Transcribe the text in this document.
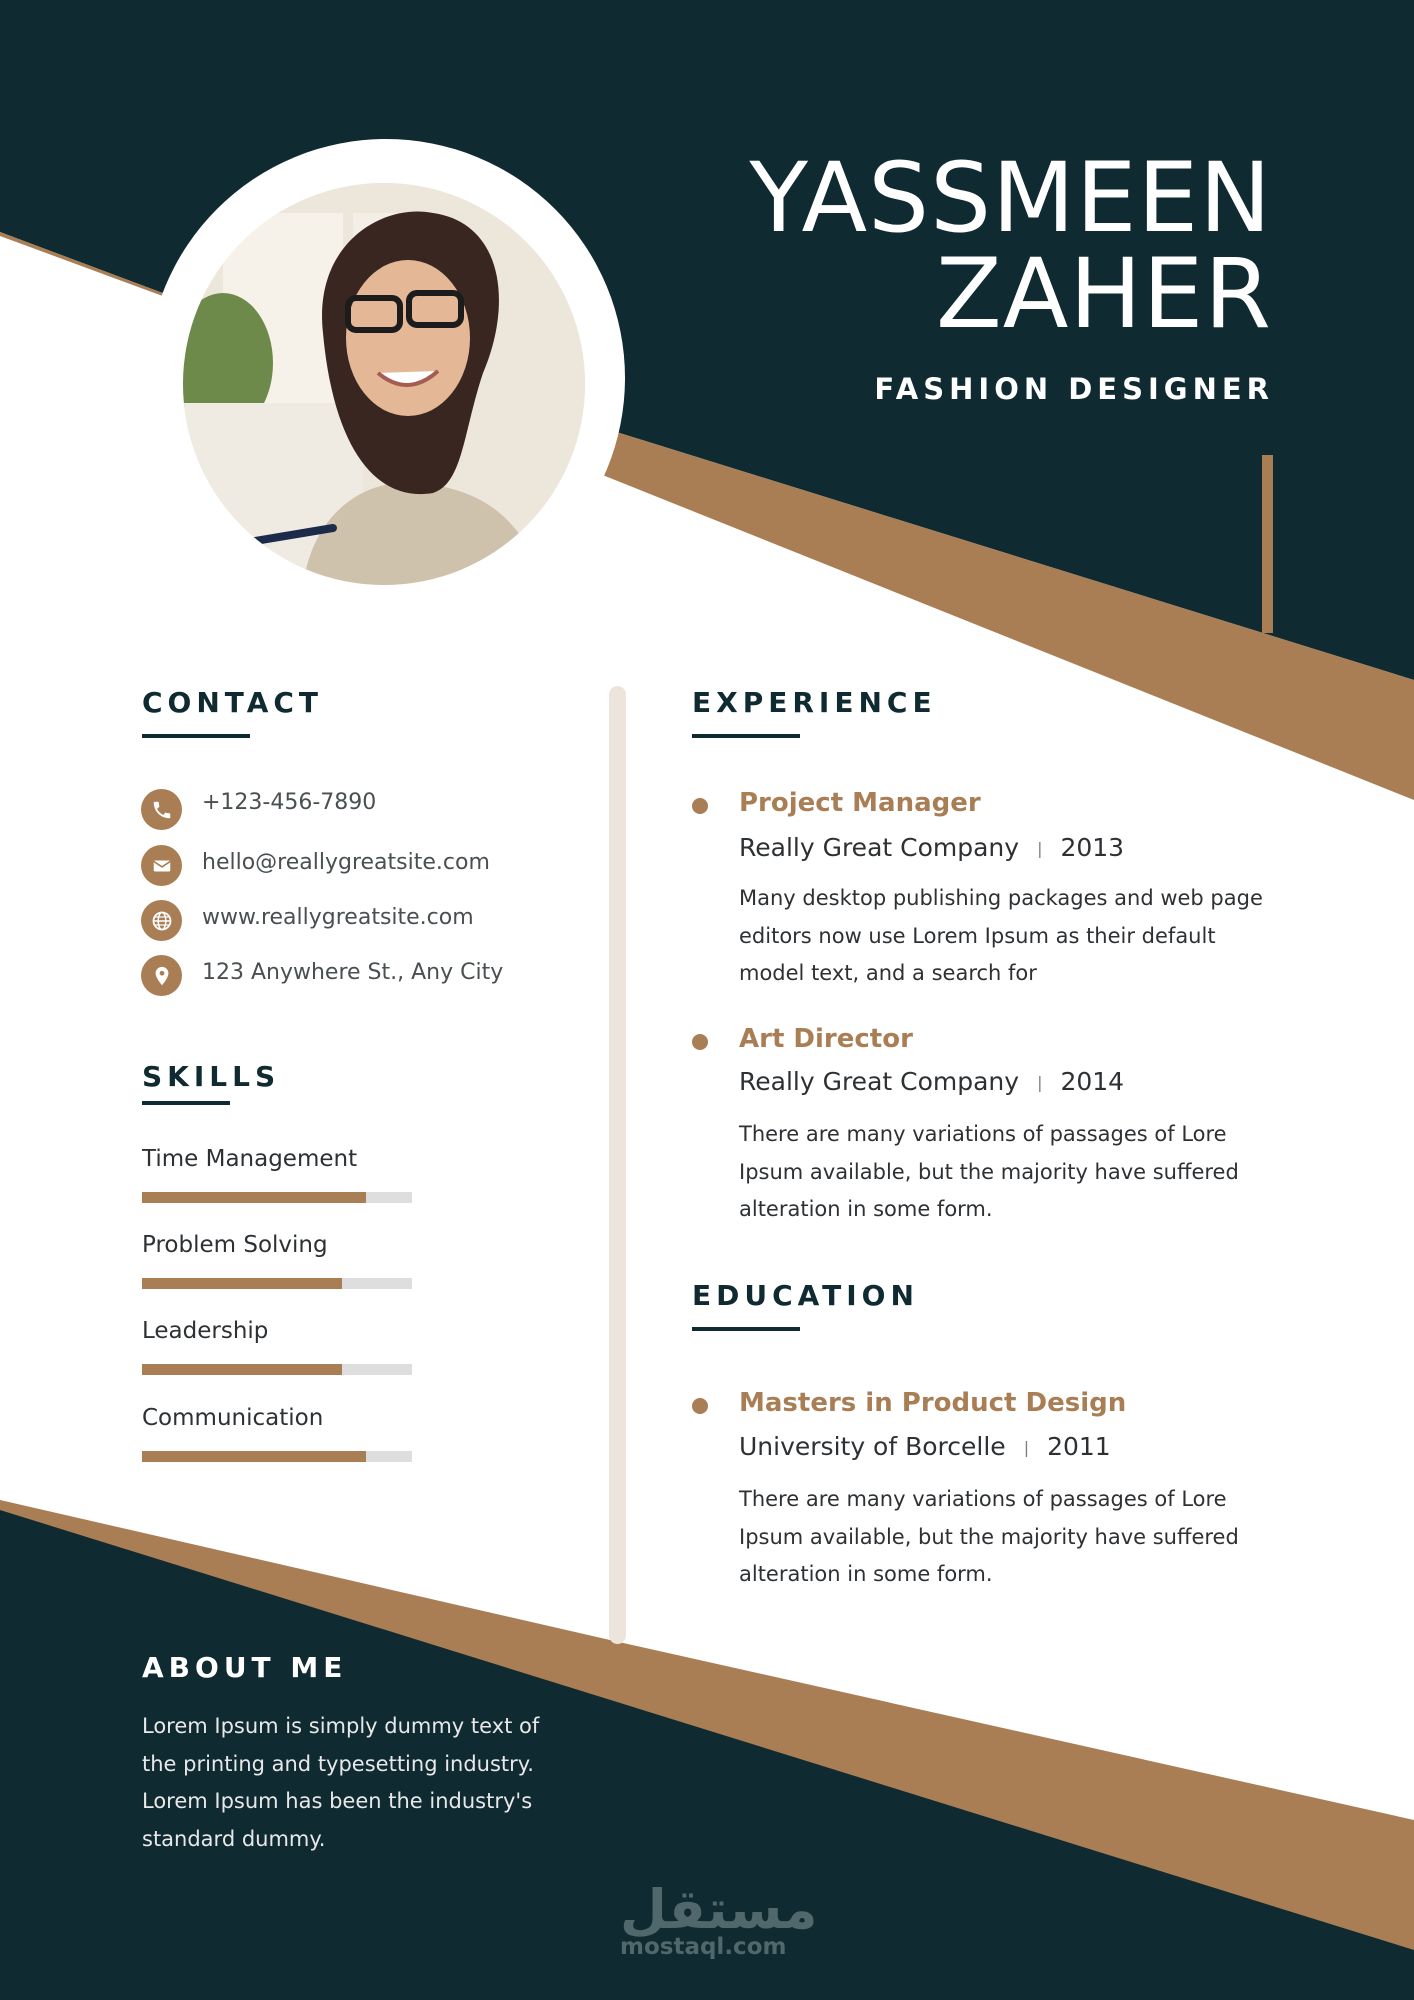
YASSMEEN
ZAHER
FASHION DESIGNER
CONTACT
+123-456-7890
hello@reallygreatsite.com
www.reallygreatsite.com
123 Anywhere St., Any City
SKILLS
Time Management
Problem Solving
Leadership
Communication
EXPERIENCE
Project Manager
Really Great Company | 2013
Many desktop publishing packages and web page editors now use Lorem Ipsum as their default model text, and a search for
Art Director
Really Great Company | 2014
There are many variations of passages of Lore Ipsum available, but the majority have suffered alteration in some form.
EDUCATION
Masters in Product Design
University of Borcelle | 2011
There are many variations of passages of Lore Ipsum available, but the majority have suffered alteration in some form.
ABOUT ME
Lorem Ipsum is simply dummy text of the printing and typesetting industry. Lorem Ipsum has been the industry's standard dummy.
مستقل
mostaql.com
